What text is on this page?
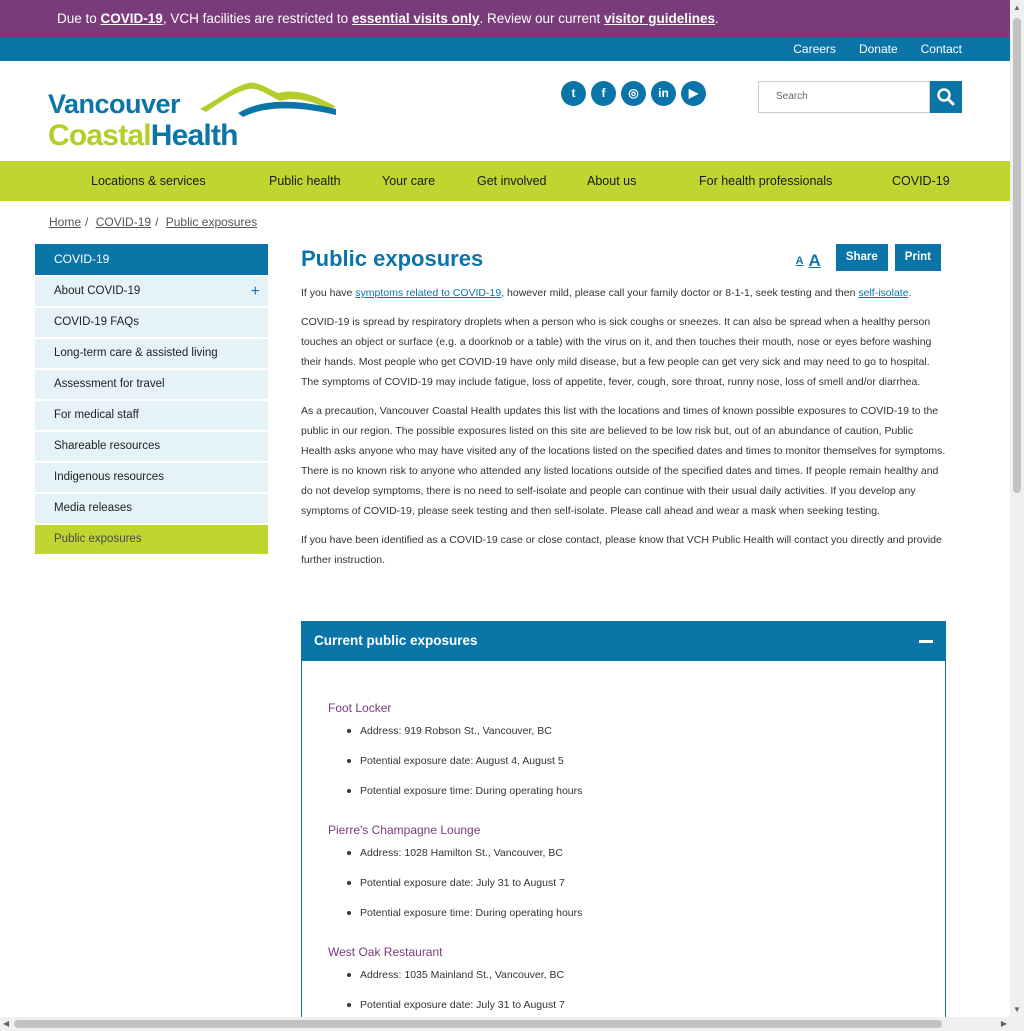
Due to COVID-19, VCH facilities are restricted to essential visits only. Review our current visitor guidelines.
Careers Donate Contact
Vancouver
CoastalHealth
t	f	◎	in	▶	Search
Locations & services	Public health	Your care	Get involved	About us	For health professionals	COVID-19
Home / COVID-19 / Public exposures
COVID-19
About COVID-19	+
COVID-19 FAQs
Long-term care & assisted living
Assessment for travel
For medical staff
Shareable resources
Indigenous resources
Media releases
Public exposures
Public exposures	A A	Share	Print

If you have symptoms related to COVID-19, however mild, please call your family doctor or 8-1-1, seek testing and then self-isolate.

COVID-19 is spread by respiratory droplets when a person who is sick coughs or sneezes. It can also be spread when a healthy person touches an object or surface (e.g. a doorknob or a table) with the virus on it, and then touches their mouth, nose or eyes before washing their hands. Most people who get COVID-19 have only mild disease, but a few people can get very sick and may need to go to hospital. The symptoms of COVID-19 may include fatigue, loss of appetite, fever, cough, sore throat, runny nose, loss of smell and/or diarrhea.

As a precaution, Vancouver Coastal Health updates this list with the locations and times of known possible exposures to COVID-19 to the public in our region. The possible exposures listed on this site are believed to be low risk but, out of an abundance of caution, Public Health asks anyone who may have visited any of the locations listed on the specified dates and times to monitor themselves for symptoms. There is no known risk to anyone who attended any listed locations outside of the specified dates and times. If people remain healthy and do not develop symptoms, there is no need to self-isolate and people can continue with their usual daily activities. If you develop any symptoms of COVID-19, please seek testing and then self-isolate. Please call ahead and wear a mask when seeking testing.

If you have been identified as a COVID-19 case or close contact, please know that VCH Public Health will contact you directly and provide further instruction.

Current public exposures
Foot Locker
Address: 919 Robson St., Vancouver, BC
Potential exposure date: August 4, August 5
Potential exposure time: During operating hours
Pierre's Champagne Lounge
Address: 1028 Hamilton St., Vancouver, BC
Potential exposure date: July 31 to August 7
Potential exposure time: During operating hours
West Oak Restaurant
Address: 1035 Mainland St., Vancouver, BC
Potential exposure date: July 31 to August 7
▲
▼
◀	▶
